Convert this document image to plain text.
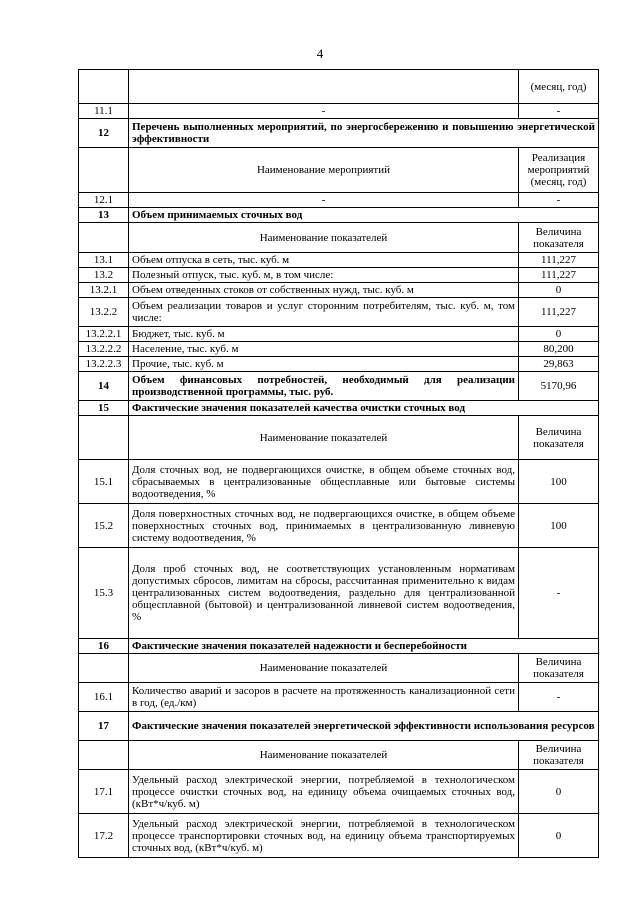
4
		(месяц, год)
11.1	-	-
12	Перечень выполненных мероприятий, по энергосбережению и повышению энергетической эффективности	
	Наименование мероприятий	Реализация мероприятий (месяц, год)
12.1	-	-
13	Объем принимаемых сточных вод	
	Наименование показателей	Величина показателя
13.1	Объем отпуска в сеть, тыс. куб. м	111,227
13.2	Полезный отпуск, тыс. куб. м, в том числе:	111,227
13.2.1	Объем отведенных стоков от собственных нужд, тыс. куб. м	0
13.2.2	Объем реализации товаров и услуг сторонним потребителям, тыс. куб. м, том числе:	111,227
13.2.2.1	Бюджет, тыс. куб. м	0
13.2.2.2	Население, тыс. куб. м	80,200
13.2.2.3	Прочие, тыс. куб. м	29,863
14	Объем финансовых потребностей, необходимый для реализации производственной программы, тыс. руб.	5170,96
15	Фактические значения показателей качества очистки сточных вод	
	Наименование показателей	Величина показателя
15.1	Доля сточных вод, не подвергающихся очистке, в общем объеме сточных вод, сбрасываемых в централизованные общесплавные или бытовые системы водоотведения, %	100
15.2	Доля поверхностных сточных вод, не подвергающихся очистке, в общем объеме поверхностных сточных вод, принимаемых в централизованную ливневую систему водоотведения, %	100
15.3	Доля проб сточных вод, не соответствующих установленным нормативам допустимых сбросов, лимитам на сбросы, рассчитанная применительно к видам централизованных систем водоотведения, раздельно для централизованной общесплавной (бытовой) и централизованной ливневой систем водоотведения, %	-
16	Фактические значения показателей надежности и бесперебойности	
	Наименование показателей	Величина показателя
16.1	Количество аварий и засоров в расчете на протяженность канализационной сети в год, (ед./км)	-
17	Фактические значения показателей энергетической эффективности использования ресурсов	
	Наименование показателей	Величина показателя
17.1	Удельный расход электрической энергии, потребляемой в технологическом процессе очистки сточных вод, на единицу объема очищаемых сточных вод, (кВт*ч/куб. м)	0
17.2	Удельный расход электрической энергии, потребляемой в технологическом процессе транспортировки сточных вод, на единицу объема транспортируемых сточных вод, (кВт*ч/куб. м)	0
